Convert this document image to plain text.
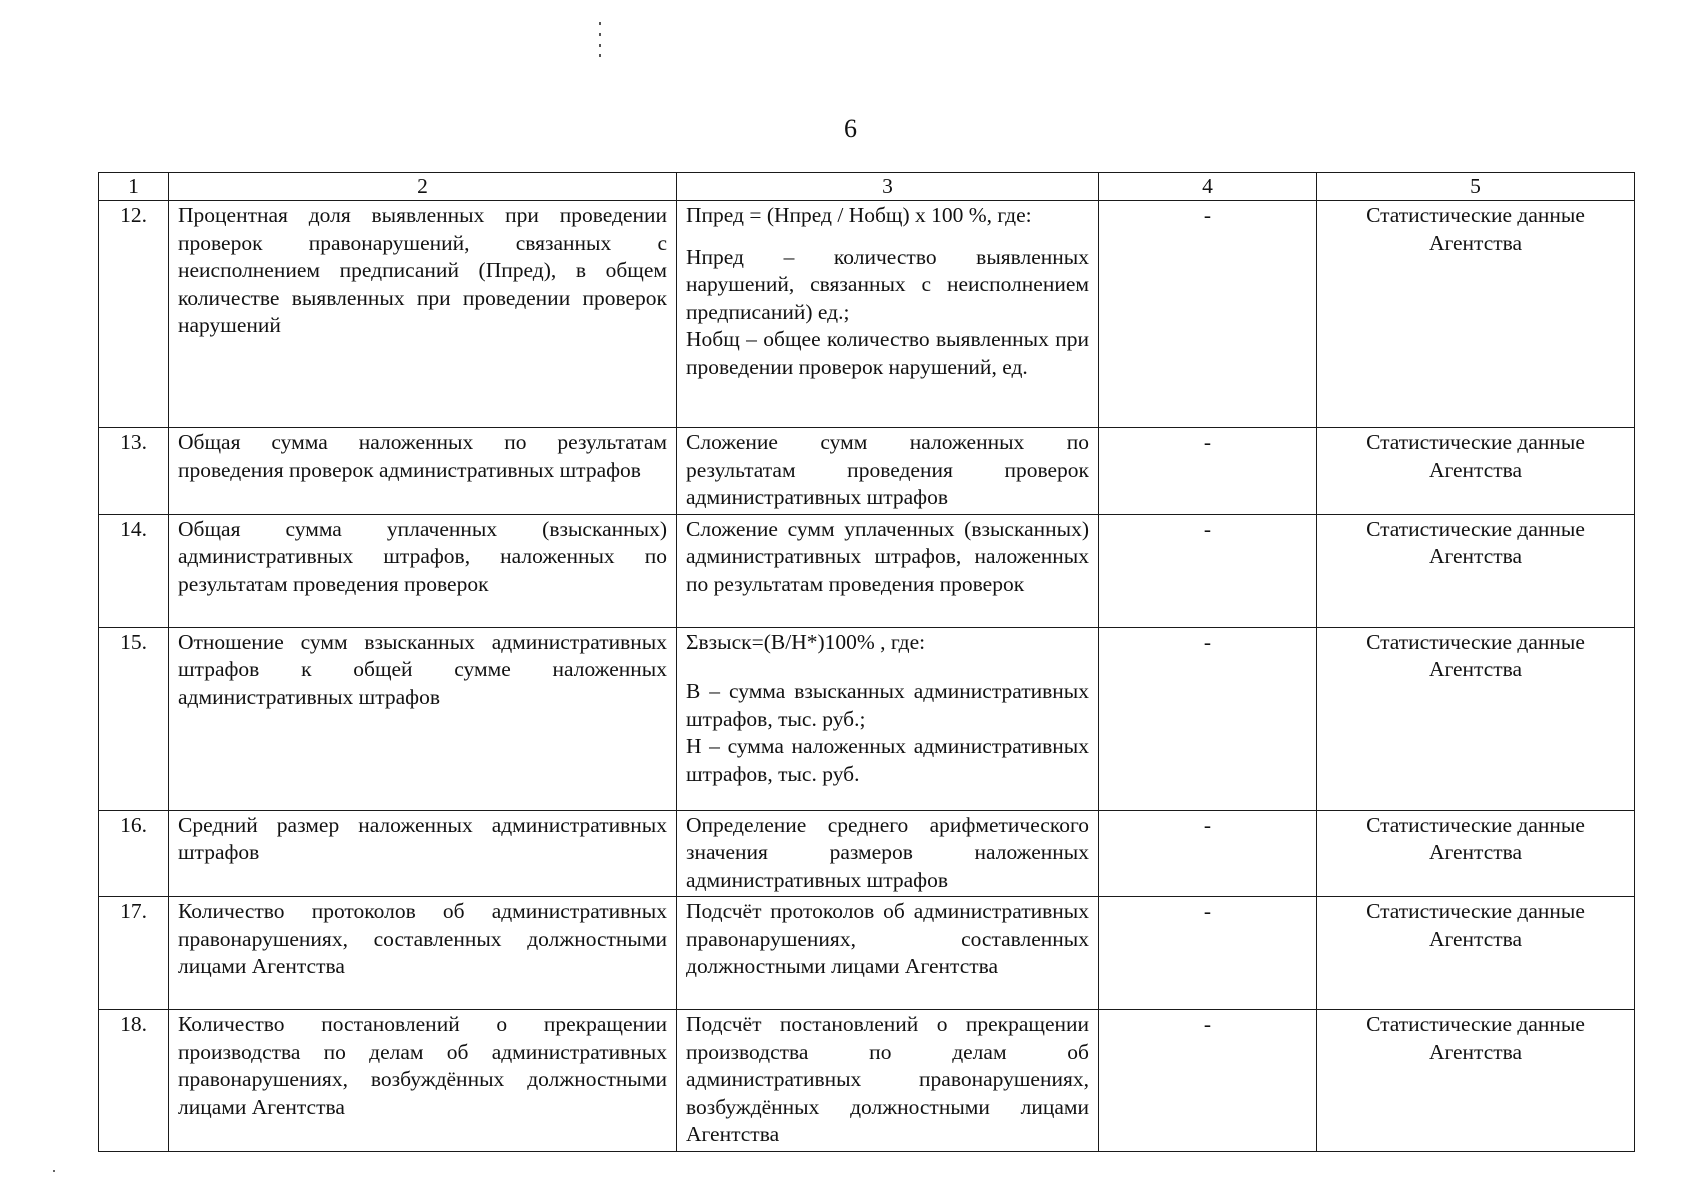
6
1	2	3	4	5
12.	Процентная доля выявленных при проведении проверок правонарушений, связанных с неисполнением предписаний (Ппред), в общем количестве выявленных при проведении проверок нарушений	Ппред = (Нпред / Нобщ) x 100 %, где:

Нпред – количество выявленных нарушений, связанных с неисполнением предписаний) ед.;

Нобщ – общее количество выявленных при проведении проверок нарушений, ед.	-	Статистические данные Агентства
13.	Общая сумма наложенных по результатам проведения проверок административных штрафов	Сложение сумм наложенных по результатам проведения проверок административных штрафов	-	Статистические данные Агентства
14.	Общая сумма уплаченных (взысканных) административных штрафов, наложенных по результатам проведения проверок	Сложение сумм уплаченных (взысканных) административных штрафов, наложенных по результатам проведения проверок	-	Статистические данные Агентства
15.	Отношение сумм взысканных административных штрафов к общей сумме наложенных административных штрафов	Σвзыск=(В/Н*)100% , где:

В – сумма взысканных административных штрафов, тыс. руб.;

Н – сумма наложенных административных штрафов, тыс. руб.	-	Статистические данные Агентства
16.	Средний размер наложенных административных штрафов	Определение среднего арифметического значения размеров наложенных административных штрафов	-	Статистические данные Агентства
17.	Количество протоколов об административных правонарушениях, составленных должностными лицами Агентства	Подсчёт протоколов об административных правонарушениях, составленных должностными лицами Агентства	-	Статистические данные Агентства
18.	Количество постановлений о прекращении производства по делам об административных правонарушениях, возбуждённых должностными лицами Агентства	Подсчёт постановлений о прекращении производства по делам об административных правонарушениях, возбуждённых должностными лицами Агентства	-	Статистические данные Агентства
